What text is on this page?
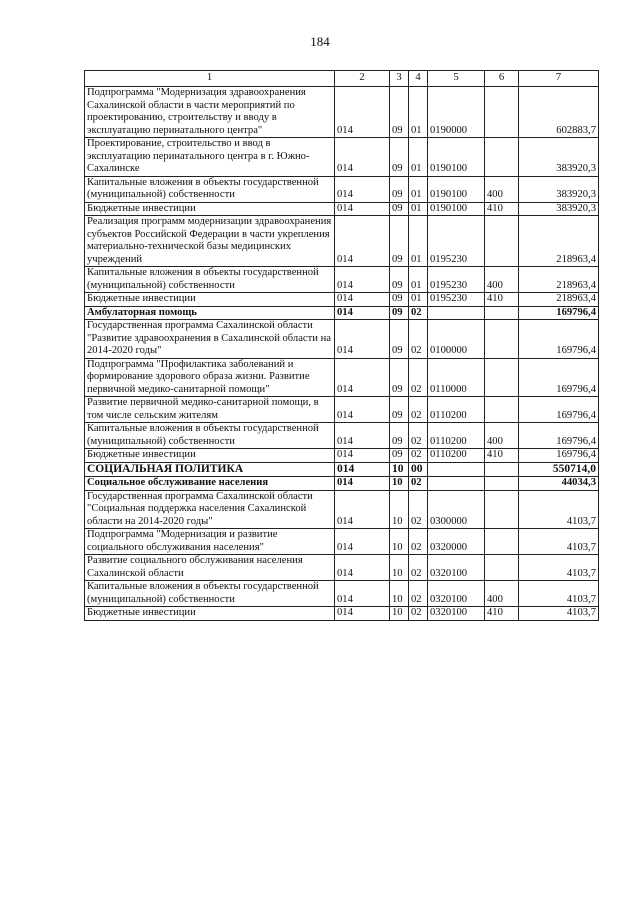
184
1	2	3	4	5	6	7

Подпрограмма "Модернизация здравоохранения Сахалинской области в части мероприятий по проектированию, строительству и вводу в эксплуатацию перинатального центра"	014	09	01	0190000		602883,7

Проектирование, строительство и ввод в эксплуатацию перинатального центра в г. Южно-Сахалинске	014	09	01	0190100		383920,3

Капитальные вложения в объекты государственной (муниципальной) собственности	014	09	01	0190100	400	383920,3

Бюджетные инвестиции	014	09	01	0190100	410	383920,3

Реализация программ модернизации здравоохранения субъектов Российской Федерации в части укрепления материально-технической базы медицинских учреждений	014	09	01	0195230		218963,4

Капитальные вложения в объекты государственной (муниципальной) собственности	014	09	01	0195230	400	218963,4

Бюджетные инвестиции	014	09	01	0195230	410	218963,4

Амбулаторная помощь	014	09	02			169796,4

Государственная программа Сахалинской области "Развитие здравоохранения в Сахалинской области на 2014-2020 годы"	014	09	02	0100000		169796,4

Подпрограмма "Профилактика заболеваний и формирование здорового образа жизни. Развитие первичной медико-санитарной помощи"	014	09	02	0110000		169796,4

Развитие первичной медико-санитарной помощи, в том числе сельским жителям	014	09	02	0110200		169796,4

Капитальные вложения в объекты государственной (муниципальной) собственности	014	09	02	0110200	400	169796,4

Бюджетные инвестиции	014	09	02	0110200	410	169796,4

СОЦИАЛЬНАЯ ПОЛИТИКА	014	10	00			550714,0

Социальное обслуживание населения	014	10	02			44034,3

Государственная программа Сахалинской области "Социальная поддержка населения Сахалинской области на 2014-2020 годы"	014	10	02	0300000		4103,7

Подпрограмма "Модернизация и развитие социального обслуживания населения"	014	10	02	0320000		4103,7

Развитие социального обслуживания населения Сахалинской области	014	10	02	0320100		4103,7

Капитальные вложения в объекты государственной (муниципальной) собственности	014	10	02	0320100	400	4103,7

Бюджетные инвестиции	014	10	02	0320100	410	4103,7
